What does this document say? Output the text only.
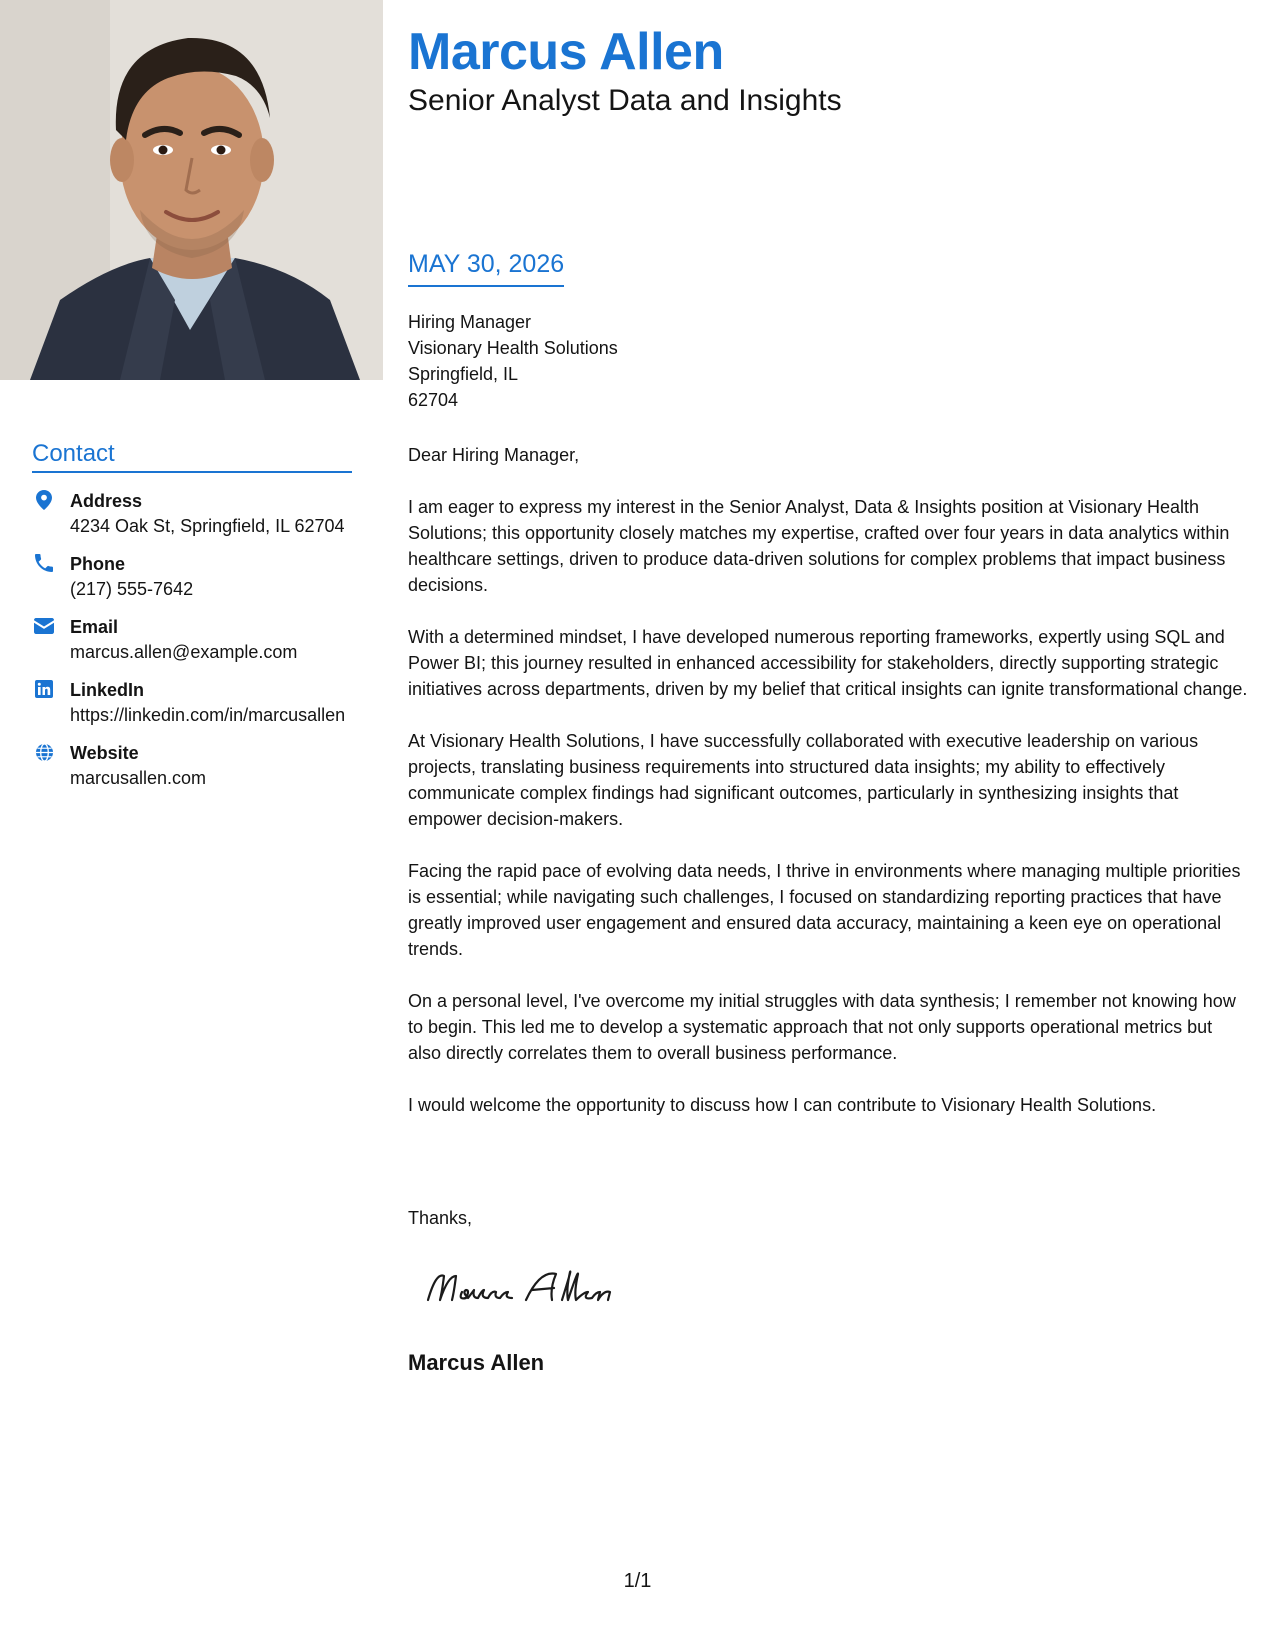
Contact
Address
4234 Oak St, Springfield, IL 62704
Phone
(217) 555-7642
Email
marcus.allen@example.com
LinkedIn
https://linkedin.com/in/marcusallen
Website
marcusallen.com
Marcus Allen
Senior Analyst Data and Insights
MAY 30, 2026
Hiring Manager
Visionary Health Solutions
Springfield, IL
62704
Dear Hiring Manager,

I am eager to express my interest in the Senior Analyst, Data & Insights position at Visionary Health Solutions; this opportunity closely matches my expertise, crafted over four years in data analytics within healthcare settings, driven to produce data-driven solutions for complex problems that impact business decisions.

With a determined mindset, I have developed numerous reporting frameworks, expertly using SQL and Power BI; this journey resulted in enhanced accessibility for stakeholders, directly supporting strategic initiatives across departments, driven by my belief that critical insights can ignite transformational change.

At Visionary Health Solutions, I have successfully collaborated with executive leadership on various projects, translating business requirements into structured data insights; my ability to effectively communicate complex findings had significant outcomes, particularly in synthesizing insights that empower decision-makers.

Facing the rapid pace of evolving data needs, I thrive in environments where managing multiple priorities is essential; while navigating such challenges, I focused on standardizing reporting practices that have greatly improved user engagement and ensured data accuracy, maintaining a keen eye on operational trends.

On a personal level, I've overcome my initial struggles with data synthesis; I remember not knowing how to begin. This led me to develop a systematic approach that not only supports operational metrics but also directly correlates them to overall business performance.

I would welcome the opportunity to discuss how I can contribute to Visionary Health Solutions.

Thanks,
Marcus Allen
1/1
